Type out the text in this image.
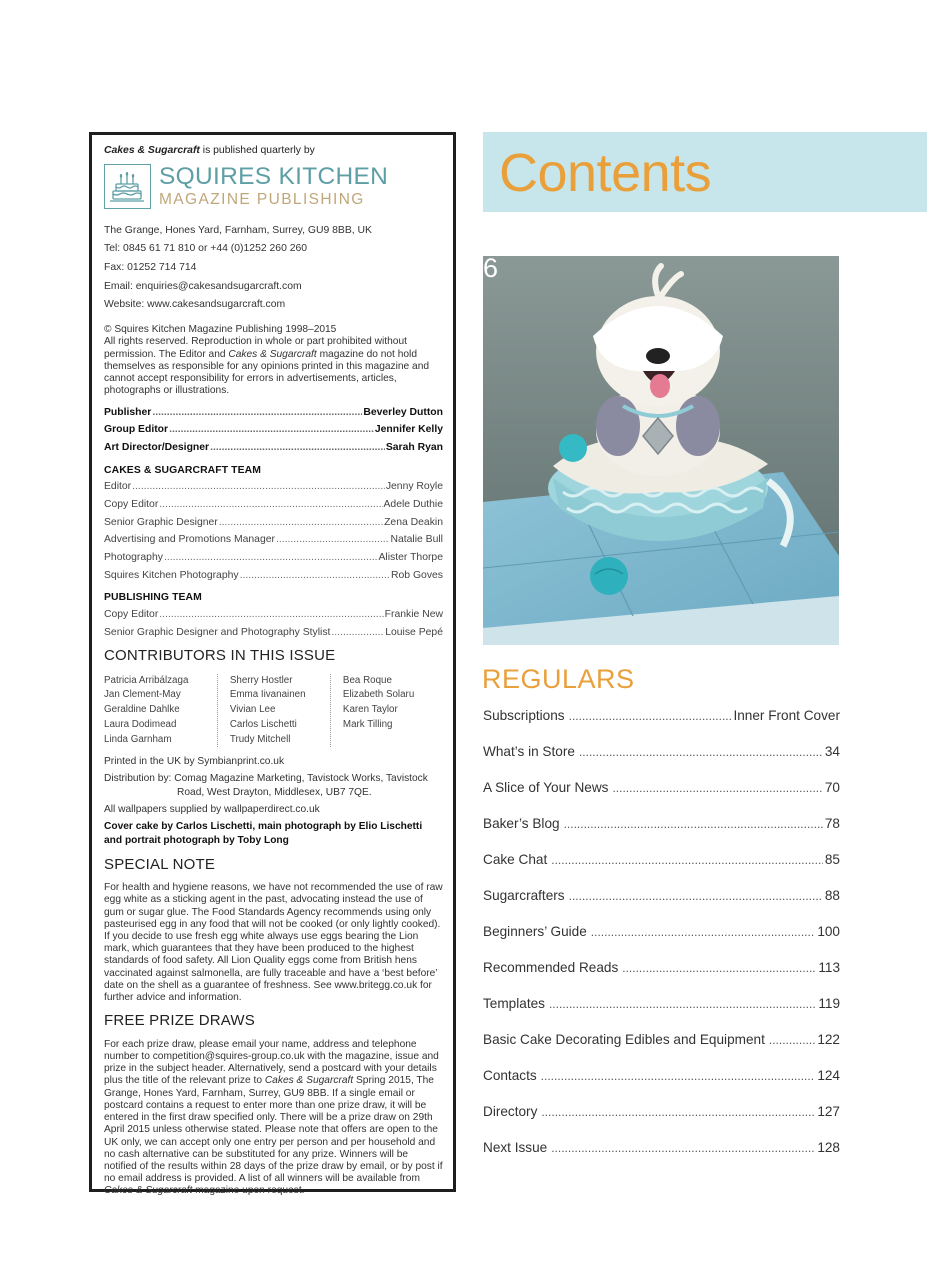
Cakes & Sugarcraft is published quarterly by

SQUIRES KITCHEN
MAGAZINE PUBLISHING

The Grange, Hones Yard, Farnham, Surrey, GU9 8BB, UK

Tel: 0845 61 71 810 or +44 (0)1252 260 260

Fax: 01252 714 714

Email: enquiries@cakesandsugarcraft.com

Website: www.cakesandsugarcraft.com

© Squires Kitchen Magazine Publishing 1998–2015
All rights reserved. Reproduction in whole or part prohibited without permission. The Editor and Cakes & Sugarcraft magazine do not hold themselves as responsible for any opinions printed in this magazine and cannot accept responsibility for errors in advertisements, articles, photographs or illustrations.
Publisher .....	Beverley Dutton
Group Editor .....	Jennifer Kelly
Art Director/Designer .....	Sarah Ryan
CAKES & SUGARCRAFT TEAM
Editor .....	Jenny Royle
Copy Editor .....	Adele Duthie
Senior Graphic Designer .....	Zena Deakin
Advertising and Promotions Manager .....	Natalie Bull
Photography .....	Alister Thorpe
Squires Kitchen Photography .....	Rob Goves
PUBLISHING TEAM
Copy Editor .....	Frankie New
Senior Graphic Designer and Photography Stylist .....	Louise Pepé
CONTRIBUTORS IN THIS ISSUE
Patricia Arribálzaga
Jan Clement-May
Geraldine Dahlke
Laura Dodimead
Linda Garnham
Sherry Hostler
Emma Iivanainen
Vivian Lee
Carlos Lischetti
Trudy Mitchell
Bea Roque
Elizabeth Solaru
Karen Taylor
Mark Tilling

Printed in the UK by Symbianprint.co.uk

Distribution by: Comag Magazine Marketing, Tavistock Works, Tavistock Road, West Drayton, Middlesex, UB7 7QE.

All wallpapers supplied by wallpaperdirect.co.uk

Cover cake by Carlos Lischetti, main photograph by Elio Lischetti and portrait photograph by Toby Long

SPECIAL NOTE

For health and hygiene reasons, we have not recommended the use of raw egg white as a sticking agent in the past, advocating instead the use of gum or sugar glue. The Food Standards Agency recommends using only pasteurised egg in any food that will not be cooked (or only lightly cooked). If you decide to use fresh egg white always use eggs bearing the Lion mark, which guarantees that they have been produced to the highest standards of food safety. All Lion Quality eggs come from British hens vaccinated against salmonella, are fully traceable and have a ‘best before’ date on the shell as a guarantee of freshness. See www.britegg.co.uk for further advice and information.

FREE PRIZE DRAWS

For each prize draw, please email your name, address and telephone number to competition@squires-group.co.uk with the magazine, issue and prize in the subject header. Alternatively, send a postcard with your details plus the title of the relevant prize to Cakes & Sugarcraft Spring 2015, The Grange, Hones Yard, Farnham, Surrey, GU9 8BB. If a single email or postcard contains a request to enter more than one prize draw, it will be entered in the first draw specified only. There will be a prize draw on 29th April 2015 unless otherwise stated. Please note that offers are open to the UK only, we can accept only one entry per person and per household and no cash alternative can be substituted for any prize. Winners will be notified of the results within 28 days of the prize draw by email, or by post if no email address is provided. A list of all winners will be available from Cakes & Sugarcraft magazine upon request.

Contents
6
REGULARS
Subscriptions .....	Inner Front Cover
What’s in Store .....	34
A Slice of Your News .....	70
Baker’s Blog .....	78
Cake Chat .....	85
Sugarcrafters .....	88
Beginners’ Guide .....	100
Recommended Reads .....	113
Templates .....	119
Basic Cake Decorating Edibles and Equipment .....	122
Contacts .....	124
Directory .....	127
Next Issue .....	128
